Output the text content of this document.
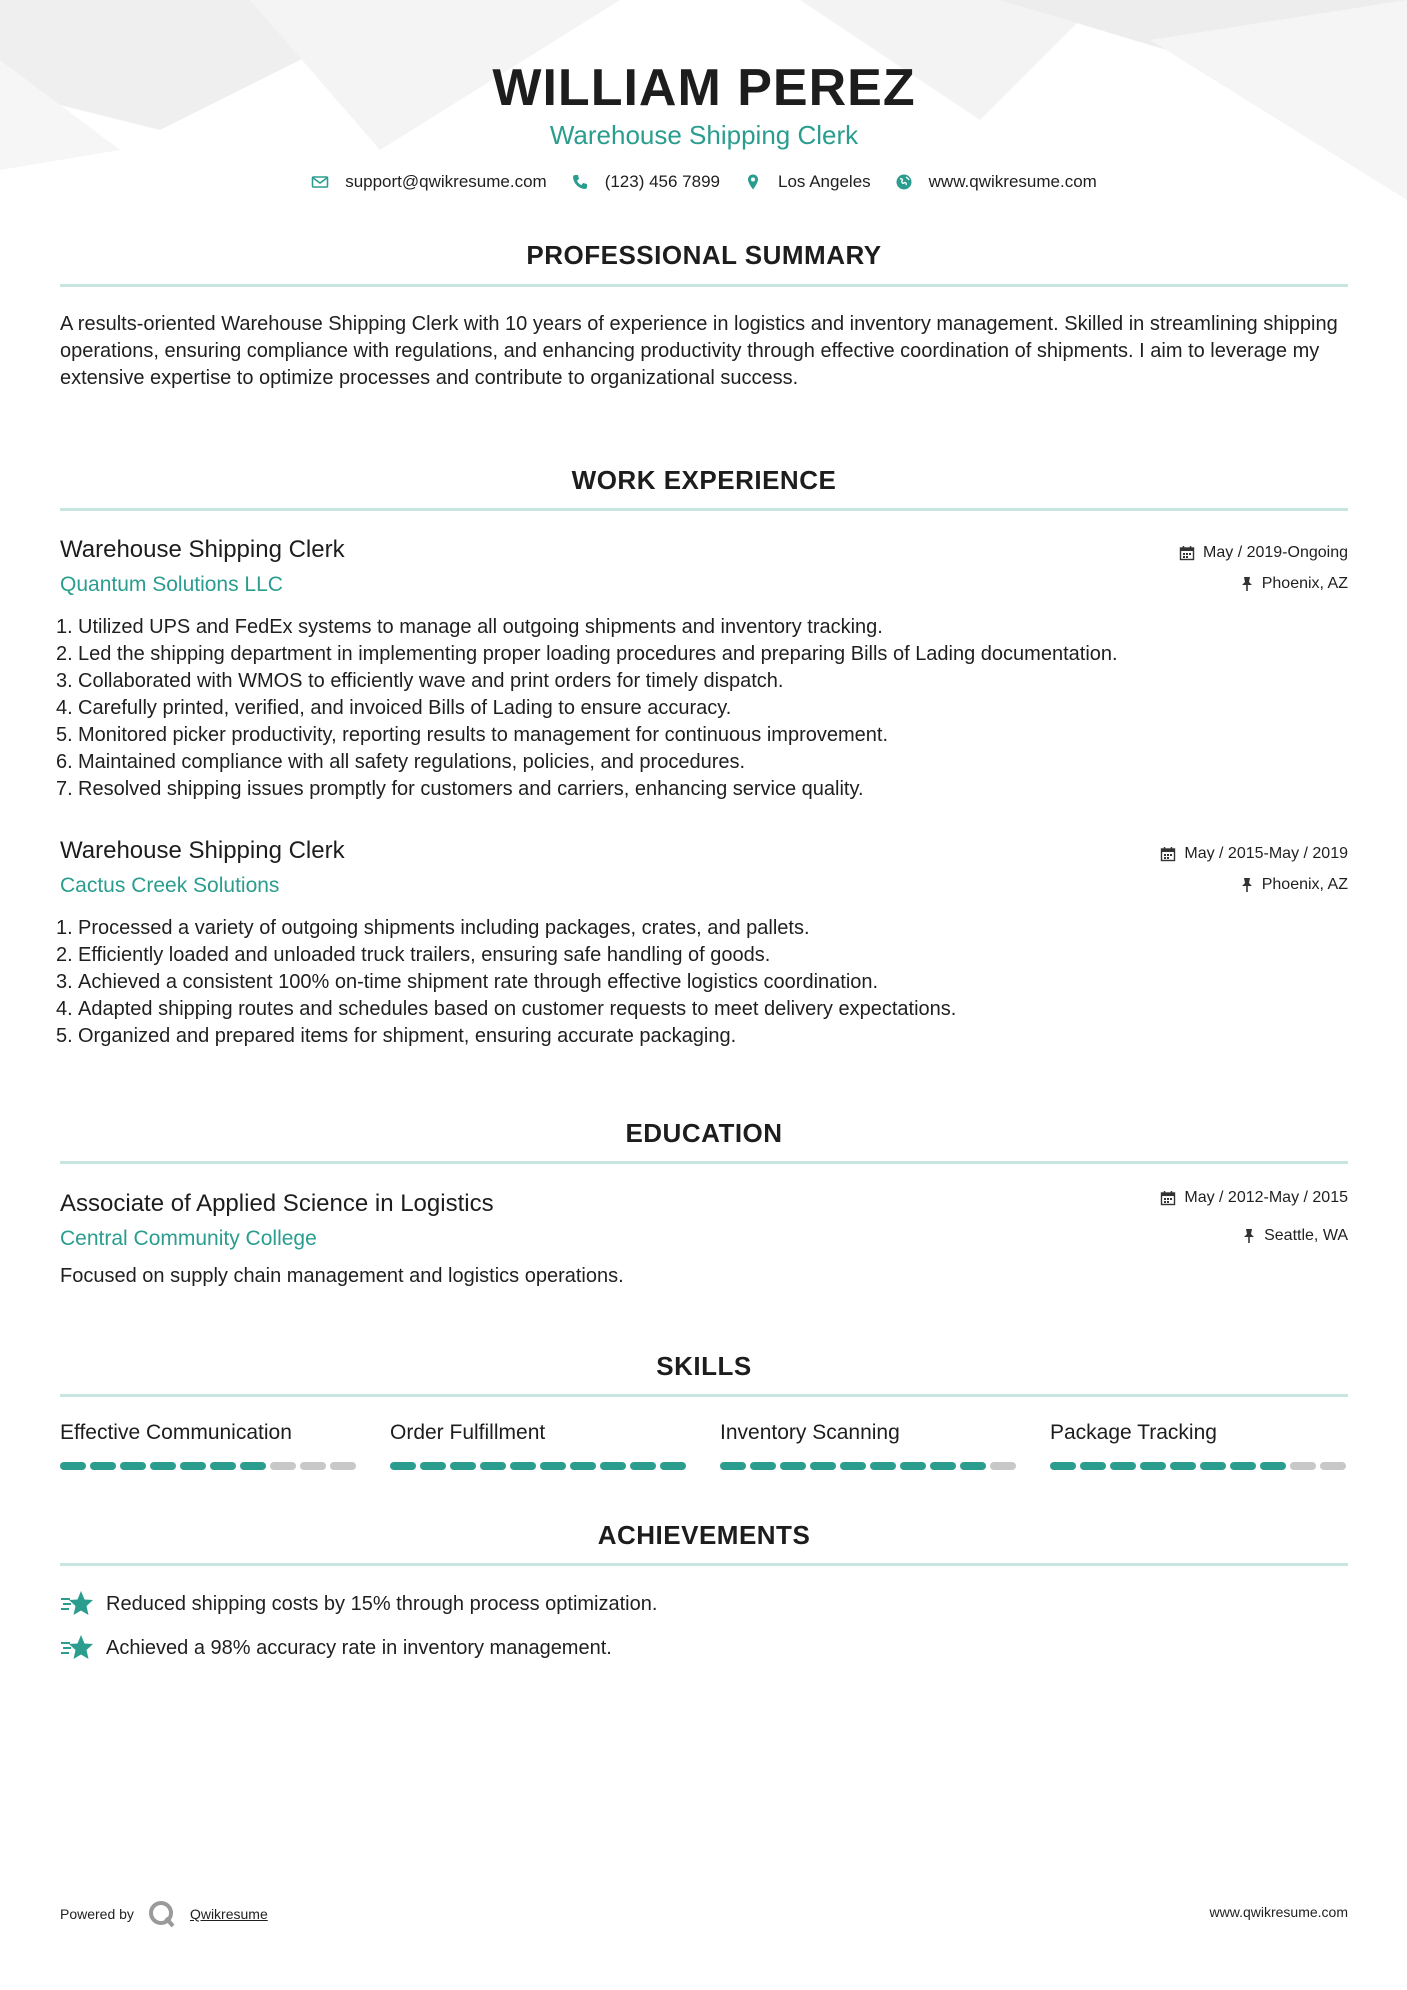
WILLIAM PEREZ
Warehouse Shipping Clerk
support@qwikresume.com	(123) 456 7899	Los Angeles	www.qwikresume.com
PROFESSIONAL SUMMARY
A results-oriented Warehouse Shipping Clerk with 10 years of experience in logistics and inventory management. Skilled in streamlining shipping operations, ensuring compliance with regulations, and enhancing productivity through effective coordination of shipments. I aim to leverage my extensive expertise to optimize processes and contribute to organizational success.
WORK EXPERIENCE
Warehouse Shipping Clerk
Quantum Solutions LLC
May / 2019-Ongoing
Phoenix, AZ
1. Utilized UPS and FedEx systems to manage all outgoing shipments and inventory tracking.
2. Led the shipping department in implementing proper loading procedures and preparing Bills of Lading documentation.
3. Collaborated with WMOS to efficiently wave and print orders for timely dispatch.
4. Carefully printed, verified, and invoiced Bills of Lading to ensure accuracy.
5. Monitored picker productivity, reporting results to management for continuous improvement.
6. Maintained compliance with all safety regulations, policies, and procedures.
7. Resolved shipping issues promptly for customers and carriers, enhancing service quality.
Warehouse Shipping Clerk
Cactus Creek Solutions
May / 2015-May / 2019
Phoenix, AZ
1. Processed a variety of outgoing shipments including packages, crates, and pallets.
2. Efficiently loaded and unloaded truck trailers, ensuring safe handling of goods.
3. Achieved a consistent 100% on-time shipment rate through effective logistics coordination.
4. Adapted shipping routes and schedules based on customer requests to meet delivery expectations.
5. Organized and prepared items for shipment, ensuring accurate packaging.
EDUCATION
Associate of Applied Science in Logistics
Central Community College
May / 2012-May / 2015
Seattle, WA
Focused on supply chain management and logistics operations.
SKILLS
Effective Communication	Order Fulfillment	Inventory Scanning	Package Tracking
ACHIEVEMENTS
Reduced shipping costs by 15% through process optimization.
Achieved a 98% accuracy rate in inventory management.
Powered by	Qwikresume	www.qwikresume.com
